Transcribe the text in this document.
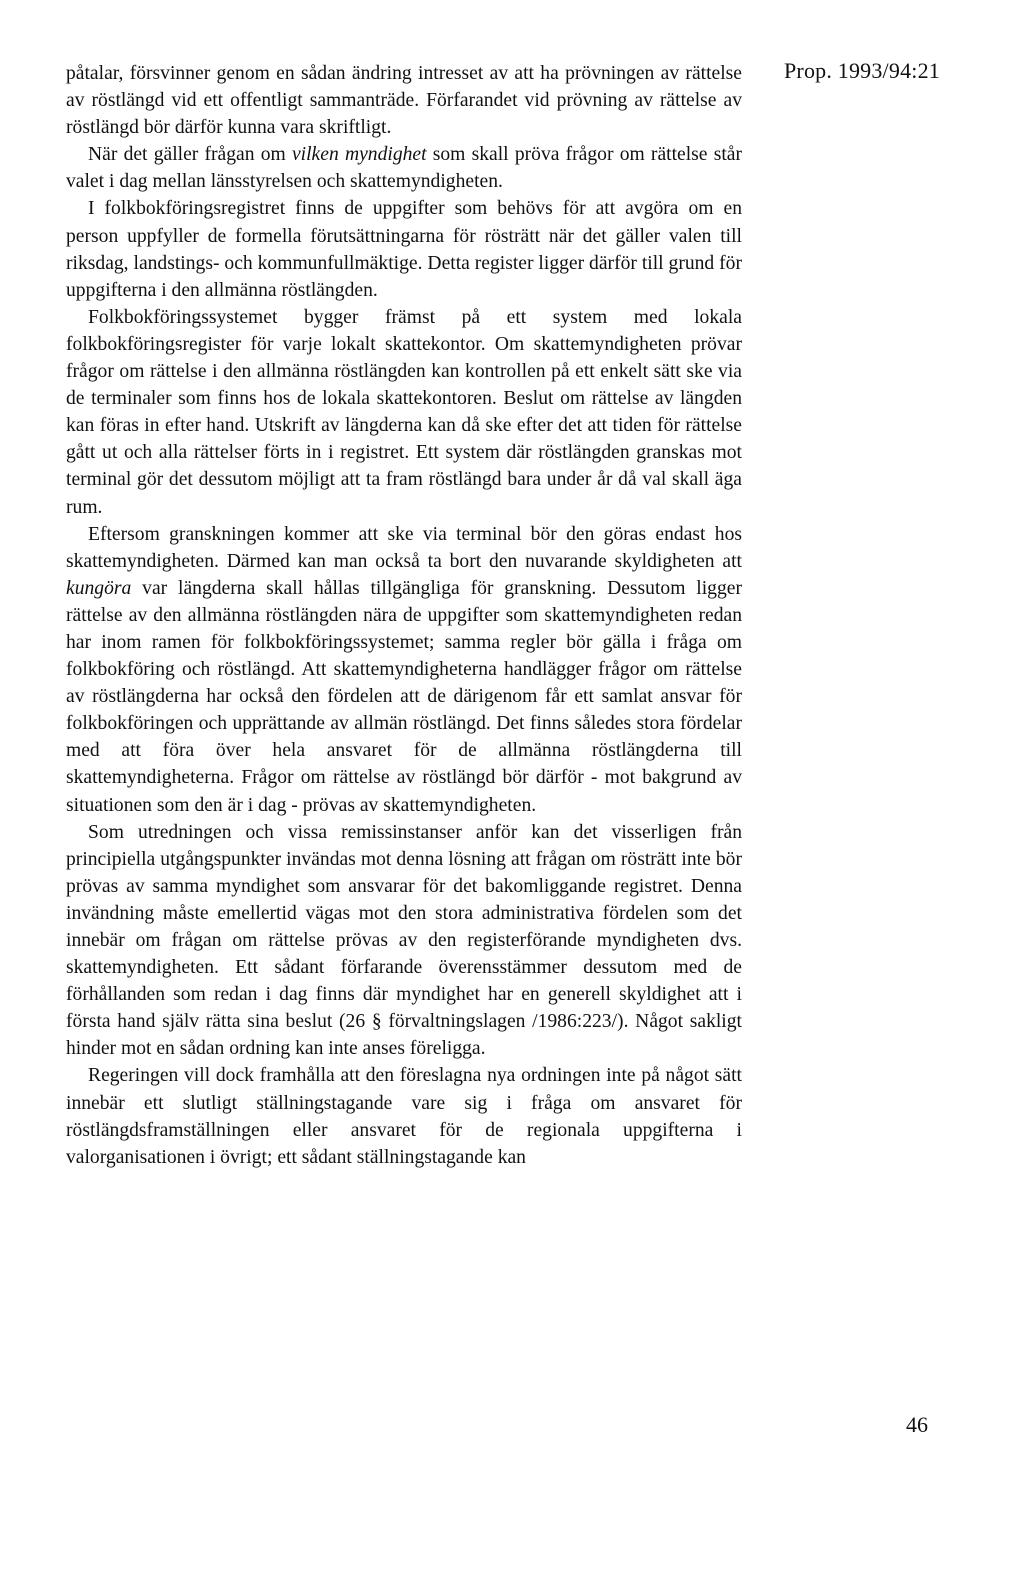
Prop. 1993/94:21

påtalar, försvinner genom en sådan ändring intresset av att ha prövningen av rättelse av röstlängd vid ett offentligt sammanträde. Förfarandet vid prövning av rättelse av röstlängd bör därför kunna vara skriftligt.

När det gäller frågan om vilken myndighet som skall pröva frågor om rättelse står valet i dag mellan länsstyrelsen och skattemyndigheten.

I folkbokföringsregistret finns de uppgifter som behövs för att avgöra om en person uppfyller de formella förutsättningarna för rösträtt när det gäller valen till riksdag, landstings- och kommunfullmäktige. Detta register ligger därför till grund för uppgifterna i den allmänna röstlängden.

Folkbokföringssystemet bygger främst på ett system med lokala folkbokföringsregister för varje lokalt skattekontor. Om skattemyndigheten prövar frågor om rättelse i den allmänna röstlängden kan kontrollen på ett enkelt sätt ske via de terminaler som finns hos de lokala skattekontoren. Beslut om rättelse av längden kan föras in efter hand. Utskrift av längderna kan då ske efter det att tiden för rättelse gått ut och alla rättelser förts in i registret. Ett system där röstlängden granskas mot terminal gör det dessutom möjligt att ta fram röstlängd bara under år då val skall äga rum.

Eftersom granskningen kommer att ske via terminal bör den göras endast hos skattemyndigheten. Därmed kan man också ta bort den nuvarande skyldigheten att kungöra var längderna skall hållas tillgängliga för granskning. Dessutom ligger rättelse av den allmänna röstlängden nära de uppgifter som skattemyndigheten redan har inom ramen för folkbokföringssystemet; samma regler bör gälla i fråga om folkbokföring och röstlängd. Att skattemyndigheterna handlägger frågor om rättelse av röstlängderna har också den fördelen att de därigenom får ett samlat ansvar för folkbokföringen och upprättande av allmän röstlängd. Det finns således stora fördelar med att föra över hela ansvaret för de allmänna röstlängderna till skattemyndigheterna. Frågor om rättelse av röstlängd bör därför - mot bakgrund av situationen som den är i dag - prövas av skattemyndigheten.

Som utredningen och vissa remissinstanser anför kan det visserligen från principiella utgångspunkter invändas mot denna lösning att frågan om rösträtt inte bör prövas av samma myndighet som ansvarar för det bakomliggande registret. Denna invändning måste emellertid vägas mot den stora administrativa fördelen som det innebär om frågan om rättelse prövas av den registerförande myndigheten dvs. skattemyndigheten. Ett sådant förfarande överensstämmer dessutom med de förhållanden som redan i dag finns där myndighet har en generell skyldighet att i första hand själv rätta sina beslut (26 § förvaltningslagen /1986:223/). Något sakligt hinder mot en sådan ordning kan inte anses föreligga.

Regeringen vill dock framhålla att den föreslagna nya ordningen inte på något sätt innebär ett slutligt ställningstagande vare sig i fråga om ansvaret för röstlängdsframställningen eller ansvaret för de regionala uppgifterna i valorganisationen i övrigt; ett sådant ställningstagande kan

46
